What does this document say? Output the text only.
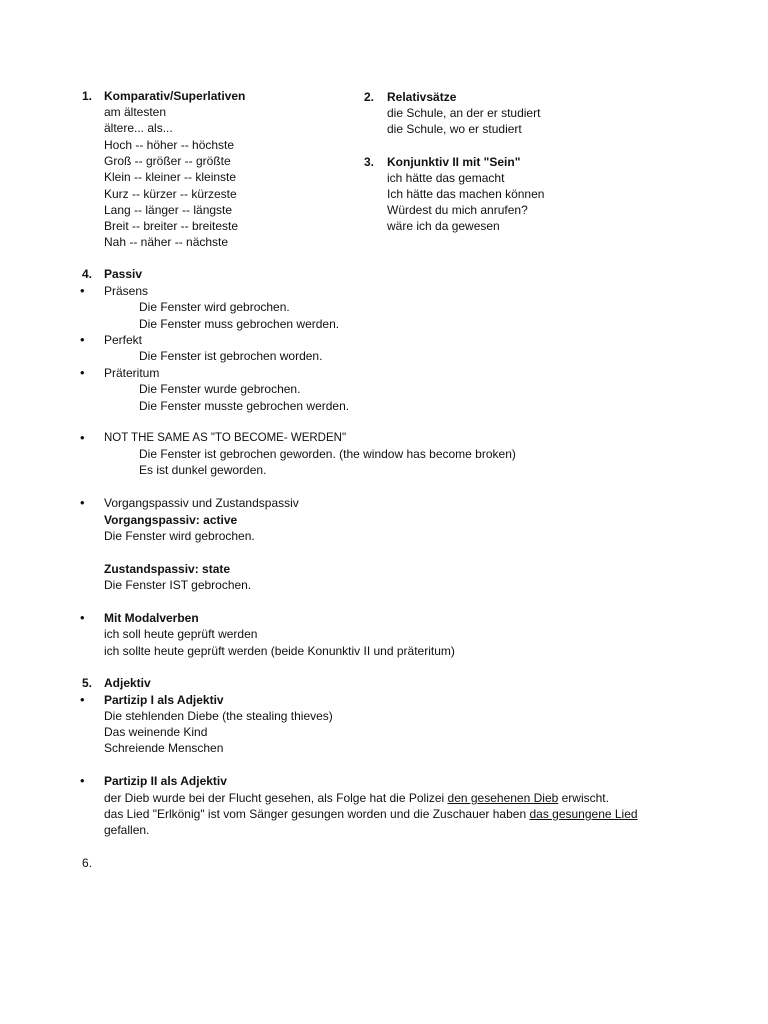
1. Komparativ/Superlativen
am ältesten
ältere... als...
Hoch -- höher -- höchste
Groß -- größer -- größte
Klein -- kleiner -- kleinste
Kurz -- kürzer -- kürzeste
Lang -- länger -- längste
Breit -- breiter -- breiteste
Nah -- näher -- nächste
2. Relativsätze
die Schule, an der er studiert
die Schule, wo er studiert
3. Konjunktiv II mit "Sein"
ich hätte das gemacht
Ich hätte das machen können
Würdest du mich anrufen?
wäre ich da gewesen
4. Passiv
• Präsens
Die Fenster wird gebrochen.
Die Fenster muss gebrochen werden.
• Perfekt
Die Fenster ist gebrochen worden.
• Präteritum
Die Fenster wurde gebrochen.
Die Fenster musste gebrochen werden.
• NOT THE SAME AS "TO BECOME- WERDEN"
Die Fenster ist gebrochen geworden. (the window has become broken)
Es ist dunkel geworden.
• Vorgangspassiv und Zustandspassiv
Vorgangspassiv: active
Die Fenster wird gebrochen.
Zustandspassiv: state
Die Fenster IST gebrochen.
• Mit Modalverben
ich soll heute geprüft werden
ich sollte heute geprüft werden (beide Konunktiv II und präteritum)
5. Adjektiv
• Partizip I als Adjektiv
Die stehlenden Diebe (the stealing thieves)
Das weinende Kind
Schreiende Menschen
• Partizip II als Adjektiv
der Dieb wurde bei der Flucht gesehen, als Folge hat die Polizei den gesehenen Dieb erwischt.
das Lied "Erlkönig" ist vom Sänger gesungen worden und die Zuschauer haben das gesungene Lied
gefallen.
6.
